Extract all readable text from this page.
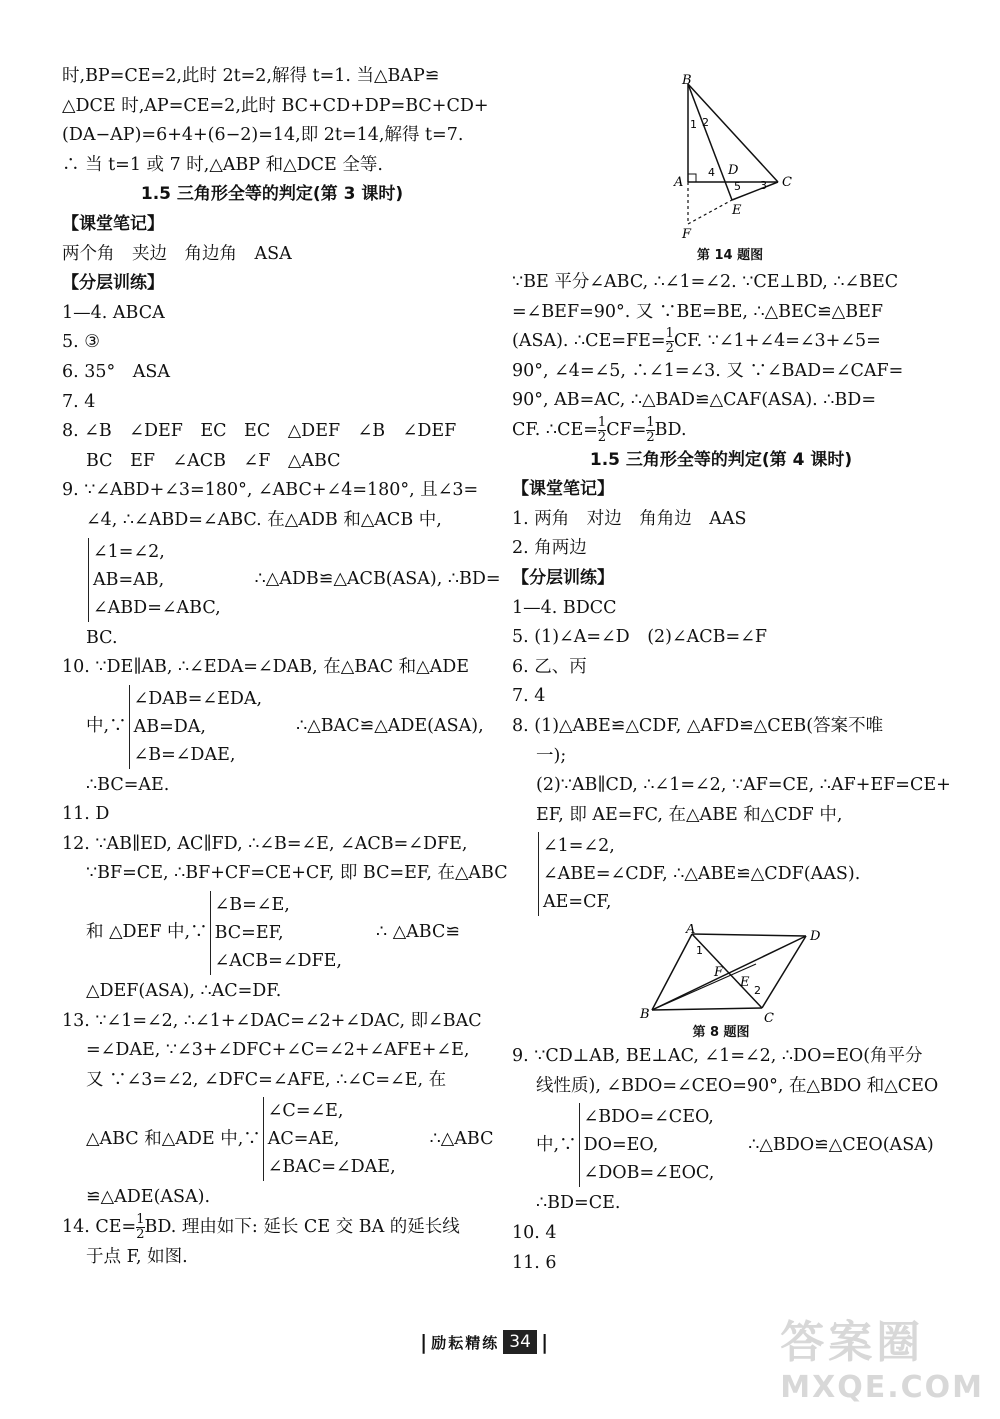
时,BP=CE=2,此时 2t=2,解得 t=1. 当△BAP≌

△DCE 时,AP=CE=2,此时 BC+CD+DP=BC+CD+

(DA−AP)=6+4+(6−2)=14,即 2t=14,解得 t=7.

∴ 当 t=1 或 7 时,△ABP 和△DCE 全等.

1.5 三角形全等的判定(第 3 课时)

【课堂笔记】

两个角　夹边　角边角　ASA

【分层训练】

1—4. ABCA

5. ③

6. 35°　ASA

7. 4

8. ∠B　∠DEF　EC　EC　△DEF　∠B　∠DEF

BC　EF　∠ACB　∠F　△ABC

9. ∵∠ABD+∠3=180°, ∠ABC+∠4=180°, 且∠3=

∠4, ∴∠ABD=∠ABC. 在△ADB 和△ACB 中,

∠1=∠2,
AB=AB,
∠ABD=∠ABC,
∴△ADB≌△ACB(ASA), ∴BD=

BC.

10. ∵DE∥AB, ∴∠EDA=∠DAB, 在△BAC 和△ADE

中,∵
∠DAB=∠EDA,
AB=DA,
∠B=∠DAE,
∴△BAC≌△ADE(ASA),

∴BC=AE.

11. D

12. ∵AB∥ED, AC∥FD, ∴∠B=∠E, ∠ACB=∠DFE,

∵BF=CE, ∴BF+CF=CE+CF, 即 BC=EF, 在△ABC

和 △DEF 中,∵
∠B=∠E,
BC=EF,
∠ACB=∠DFE,
∴ △ABC≌

△DEF(ASA), ∴AC=DF.

13. ∵∠1=∠2, ∴∠1+∠DAC=∠2+∠DAC, 即∠BAC

=∠DAE, ∵∠3+∠DFC+∠C=∠2+∠AFE+∠E,

又 ∵∠3=∠2, ∠DFC=∠AFE, ∴∠C=∠E, 在

△ABC 和△ADE 中,∵
∠C=∠E,
AC=AE,
∠BAC=∠DAE,
∴△ABC

≌△ADE(ASA).

14. $CE= \frac{1}{2}$ BD. 理由如下: 延长 CE 交 BA 的延长线

于点 F, 如图.

B
A	C
D
E
F
1 2
3
4
5
第 14 题图

∵BE 平分∠ABC, ∴∠1=∠2. ∵CE⊥BD, ∴∠BEC

=∠BEF=90°. 又 ∵BE=BE, ∴△BEC≌△BEF

(ASA). ∴CE=FE= $\frac{1}{2}$ CF. ∵∠1+∠4=∠3+∠5=

90°, ∠4=∠5, ∴∠1=∠3. 又 ∵∠BAD=∠CAF=

90°, AB=AC, ∴△BAD≌△CAF(ASA). ∴BD=

CF. ∴CE= $\frac{1}{2} CF= \frac{1}{2}$ BD.

1.5 三角形全等的判定(第 4 课时)

【课堂笔记】

1. 两角　对边　角角边　AAS

2. 角两边

【分层训练】

1—4. BDCC

5. (1)∠A=∠D　(2)∠ACB=∠F

6. 乙、丙

7. 4

8. (1)△ABE≌△CDF, △AFD≌△CEB(答案不唯

一);

(2)∵AB∥CD, ∴∠1=∠2, ∵AF=CE, ∴AF+EF=CE+

EF, 即 AE=FC, 在△ABE 和△CDF 中,

∠1=∠2,
∠ABE=∠CDF, ∴△ABE≌△CDF(AAS).
AE=CF,
A
B	C
D
E
F
1
2
第 8 题图

9. ∵CD⊥AB, BE⊥AC, ∠1=∠2, ∴DO=EO(角平分

线性质), ∠BDO=∠CEO=90°, 在△BDO 和△CEO

中,∵
∠BDO=∠CEO,
DO=EO,
∠DOB=∠EOC,
∴△BDO≌△CEO(ASA)

∴BD=CE.

10. 4

11. 6

| 励耘精练 34 |	答案圈
MXQE.COM
